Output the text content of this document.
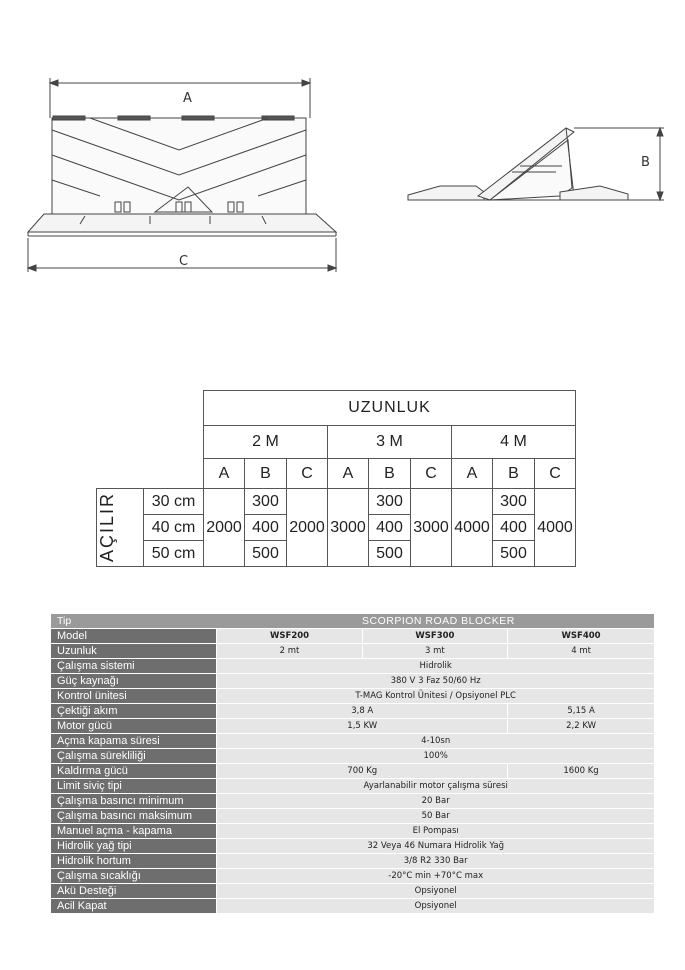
A
C
B
		UZUNLUK								
		2 M			3 M			4 M		
		A	B	C	A	B	C	A	B	C

AÇILIR	30 cm	2000	300	2000	3000	300	3000	4000	300	4000
	40 cm		400			400			400	
	50 cm		500			500			500	
Tip	SCORPION ROAD BLOCKER		
Model	WSF200	WSF300	WSF400
Uzunluk	2 mt	3 mt	4 mt
Çalışma sistemi	Hidrolik		
Güç kaynağı	380 V 3 Faz 50/60 Hz		
Kontrol ünitesi	T-MAG Kontrol Ünitesi / Opsiyonel PLC		
Çektiği akım	3,8 A		5,15 A
Motor gücü	1,5 KW		2,2 KW
Açma kapama süresi	4-10sn		
Çalışma sürekliliği	100%		
Kaldırma gücü	700 Kg		1600 Kg
Limit siviç tipi	Ayarlanabilir motor çalışma süresi		
Çalışma basıncı minimum	20 Bar		
Çalışma basıncı maksimum	50 Bar		
Manuel açma - kapama	El Pompası		
Hidrolik yağ tipi	32 Veya 46 Numara Hidrolik Yağ		
Hidrolik hortum	3/8 R2 330 Bar		
Çalışma sıcaklığı	-20°C min +70°C max		
Akü Desteği	Opsiyonel		
Acil Kapat	Opsiyonel		
